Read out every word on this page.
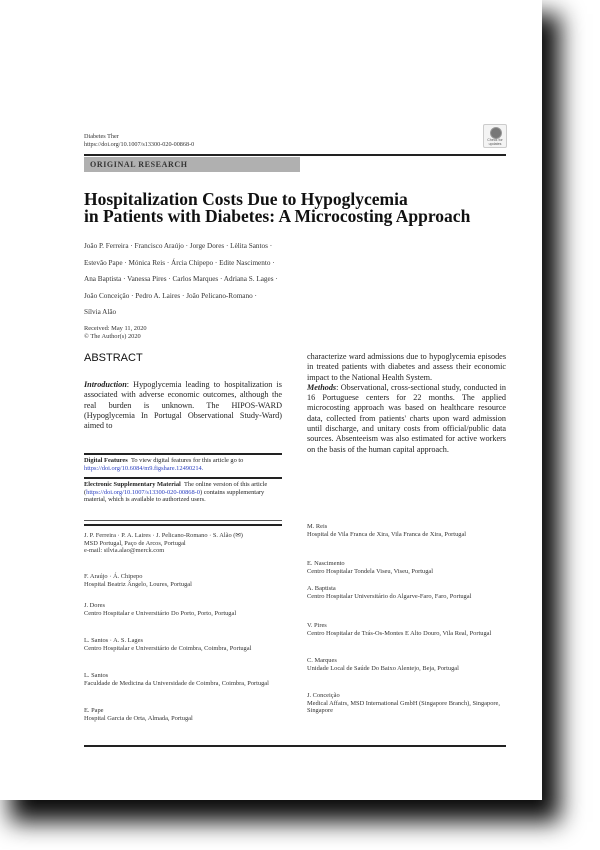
Diabetes Ther
https://doi.org/10.1007/s13300-020-00868-0
Check for updates
ORIGINAL RESEARCH
Hospitalization Costs Due to Hypoglycemia
in Patients with Diabetes: A Microcosting Approach
João P. Ferreira · Francisco Araújo · Jorge Dores · Lèlita Santos ·
Estevão Pape · Mónica Reis · Árcia Chipepo · Edite Nascimento ·
Ana Baptista · Vanessa Pires · Carlos Marques · Adriana S. Lages ·
João Conceição · Pedro A. Laires · João Pelicano-Romano ·
Sílvia Alão
Received: May 11, 2020
© The Author(s) 2020
ABSTRACT
Introduction: Hypoglycemia leading to hospitalization is associated with adverse economic outcomes, although the real burden is unknown. The HIPOS-WARD (Hypoglycemia In Portugal Observational Study-Ward) aimed to
characterize ward admissions due to hypoglycemia episodes in treated patients with diabetes and assess their economic impact to the National Health System.
Methods: Observational, cross-sectional study, conducted in 16 Portuguese centers for 22 months. The applied microcosting approach was based on healthcare resource data, collected from patients' charts upon ward admission until discharge, and unitary costs from official/public data sources. Absenteeism was also estimated for active workers on the basis of the human capital approach.
Digital Features To view digital features for this article go to https://doi.org/10.6084/m9.figshare.12490214.
Electronic Supplementary Material The online version of this article (https://doi.org/10.1007/s13300-020-00868-0) contains supplementary material, which is available to authorized users.
J. P. Ferreira · P. A. Laires · J. Pelicano-Romano · S. Alão (✉)
MSD Portugal, Paço de Arcos, Portugal
e-mail: silvia.alao@merck.com
F. Araújo · Á. Chipepo
Hospital Beatriz Ângelo, Loures, Portugal
J. Dores
Centro Hospitalar e Universitário Do Porto, Porto, Portugal
L. Santos · A. S. Lages
Centro Hospitalar e Universitário de Coimbra, Coimbra, Portugal
L. Santos
Faculdade de Medicina da Universidade de Coimbra, Coimbra, Portugal
E. Pape
Hospital Garcia de Orta, Almada, Portugal
M. Reis
Hospital de Vila Franca de Xira, Vila Franca de Xira, Portugal
E. Nascimento
Centro Hospitalar Tondela Viseu, Viseu, Portugal
A. Baptista
Centro Hospitalar Universitário do Algarve-Faro, Faro, Portugal
V. Pires
Centro Hospitalar de Trás-Os-Montes E Alto Douro, Vila Real, Portugal
C. Marques
Unidade Local de Saúde Do Baixo Alentejo, Beja, Portugal
J. Conceição
Medical Affairs, MSD International GmbH (Singapore Branch), Singapore, Singapore
